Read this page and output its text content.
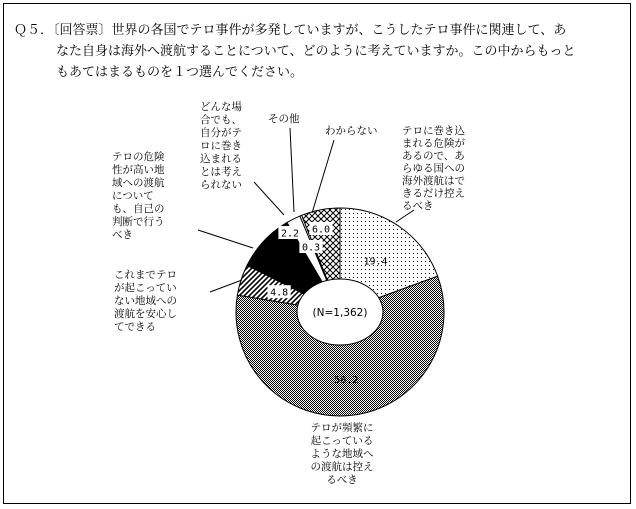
Ｑ５．〔回答票〕世界の各国でテロ事件が多発していますが、こうしたテロ事件に関連して、あ
なた自身は海外へ渡航することについて、どのように考えていますか。この中からもっと
もあてはまるものを１つ選んでください。
(N=1,362)
19.4
58.2
4.8
9.1
2.2
0.3
6.0
テロに巻き込まれる危険があるので、あらゆる国への海外渡航はできるだけ控えるべき
テロが頻繁に起こっているような地域への渡航は控えるべき
これまでテロが起こっていない地域への渡航を安心してできる
テロの危険性が高い地域への渡航についても、自己の判断で行うべき
どんな場合でも、自分がテロに巻き込まれるとは考えられない
その他
わからない
